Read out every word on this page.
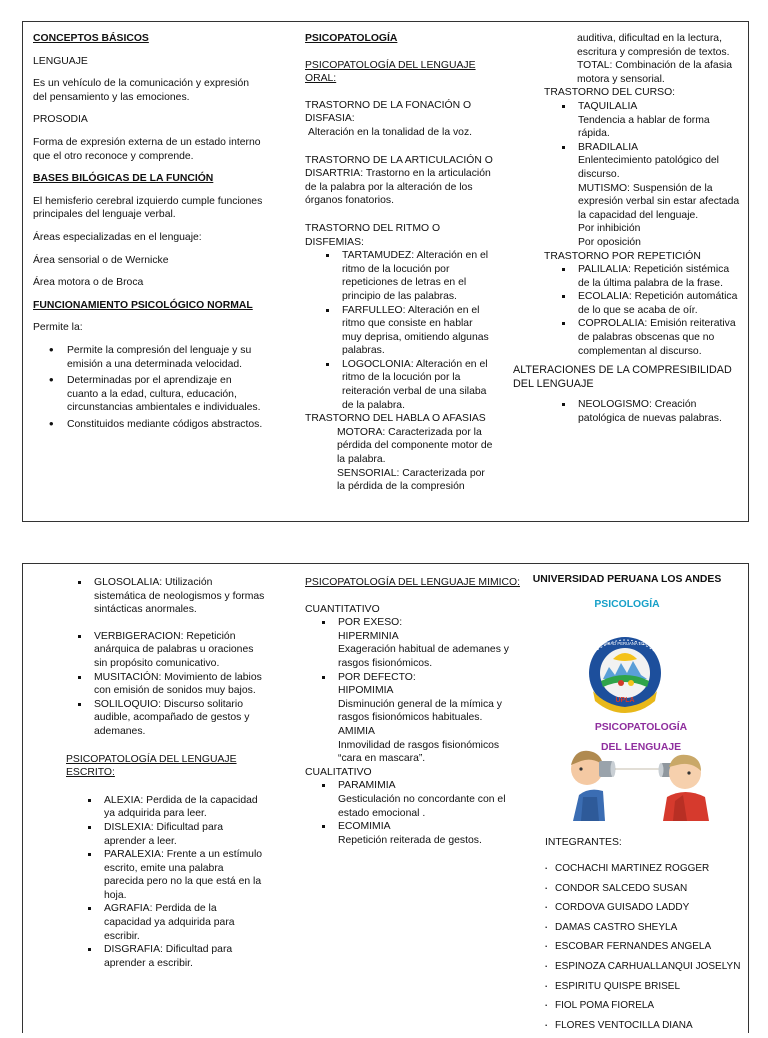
CONCEPTOS BÁSICOS

LENGUAJE

Es un vehículo de la comunicación y expresión del pensamiento y las emociones.

PROSODIA

Forma de expresión externa de un estado interno que el otro reconoce y comprende.

BASES BILÓGICAS DE LA FUNCIÓN

El hemisferio cerebral izquierdo cumple funciones principales del lenguaje verbal.

Áreas especializadas en el lenguaje:

Área sensorial o de Wernicke

Área motora o de Broca

FUNCIONAMIENTO PSICOLÓGICO NORMAL

Permite la:

• Permite la compresión del lenguaje y su emisión a una determinada velocidad.
• Determinadas por el aprendizaje en cuanto a la edad, cultura, educación, circunstancias ambientales e individuales.
• Constituidos mediante códigos abstractos.

PSICOPATOLOGÍA

PSICOPATOLOGÍA DEL LENGUAJE ORAL:

TRASTORNO DE LA FONACIÓN O DISFASIA:

Alteración en la tonalidad de la voz.

TRASTORNO DE LA ARTICULACIÓN O DISARTRIA: Trastorno en la articulación de la palabra por la alteración de los órganos fonatorios.

TRASTORNO DEL RITMO O DISFEMIAS:

TARTAMUDEZ: Alteración en el ritmo de la locución por repeticiones de letras en el principio de las palabras.
FARFULLEO: Alteración en el ritmo que consiste en hablar muy deprisa, omitiendo algunas palabras.
LOGOCLONIA: Alteración en el ritmo de la locución por la reiteración verbal de una silaba de la palabra.

TRASTORNO DEL HABLA O AFASIAS

MOTORA: Caracterizada por la pérdida del componente motor de la palabra.

SENSORIAL: Caracterizada por la pérdida de la compresión

auditiva, dificultad en la lectura, escritura y compresión de textos.

TOTAL: Combinación de la afasia motora y sensorial.

TRASTORNO DEL CURSO:

TAQUILALIA
Tendencia a hablar de forma rápida.
BRADILALIA
Enlentecimiento patológico del discurso.
MUTISMO: Suspensión de la expresión verbal sin estar afectada la capacidad del lenguaje.
Por inhibición
Por oposición

TRASTORNO POR REPETICIÓN

PALILALIA: Repetición sistémica de la última palabra de la frase.
ECOLALIA: Repetición automática de lo que se acaba de oír.
COPROLALIA: Emisión reiterativa de palabras obscenas que no complementan al discurso.

ALTERACIONES DE LA COMPRESIBILIDAD DEL LENGUAJE

NEOLOGISMO: Creación patológica de nuevas palabras.
GLOSOLALIA: Utilización sistemática de neologismos y formas sintácticas anormales.
VERBIGERACION: Repetición anárquica de palabras u oraciones sin propósito comunicativo.
MUSITACIÓN: Movimiento de labios con emisión de sonidos muy bajos.
SOLILOQUIO: Discurso solitario audible, acompañado de gestos y ademanes.

PSICOPATOLOGÍA DEL LENGUAJE ESCRITO:

ALEXIA: Perdida de la capacidad ya adquirida para leer.
DISLEXIA: Dificultad para aprender a leer.
PARALEXIA: Frente a un estímulo escrito, emite una palabra parecida pero no la que está en la hoja.
AGRAFIA: Perdida de la capacidad ya adquirida para escribir.
DISGRAFIA: Dificultad para aprender a escribir.

PSICOPATOLOGÍA DEL LENGUAJE MIMICO:

CUANTITATIVO

POR EXESO:
HIPERMINIA
Exageración habitual de ademanes y rasgos fisionómicos.
POR DEFECTO:
HIPOMIMIA
Disminución general de la mímica y rasgos fisionómicos habituales.
AMIMIA
Inmovilidad de rasgos fisionómicos “cara en mascara”.

CUALITATIVO

PARAMIMIA
Gesticulación no concordante con el estado emocional .
ECOMIMIA
Repetición reiterada de gestos.

UNIVERSIDAD PERUANA LOS ANDES

PSICOLOGÍA

UPLA
UNIVERSIDAD PERUANA LOS ANDES

PSICOPATOLOGÍA DEL LENGUAJE

INTEGRANTES:

· COCHACHI MARTINEZ ROGGER
· CONDOR SALCEDO SUSAN
· CORDOVA GUISADO LADDY
· DAMAS CASTRO SHEYLA
· ESCOBAR FERNANDES ANGELA
· ESPINOZA CARHUALLANQUI JOSELYN
· ESPIRITU QUISPE BRISEL
· FIOL POMA FIORELA
· FLORES VENTOCILLA DIANA
